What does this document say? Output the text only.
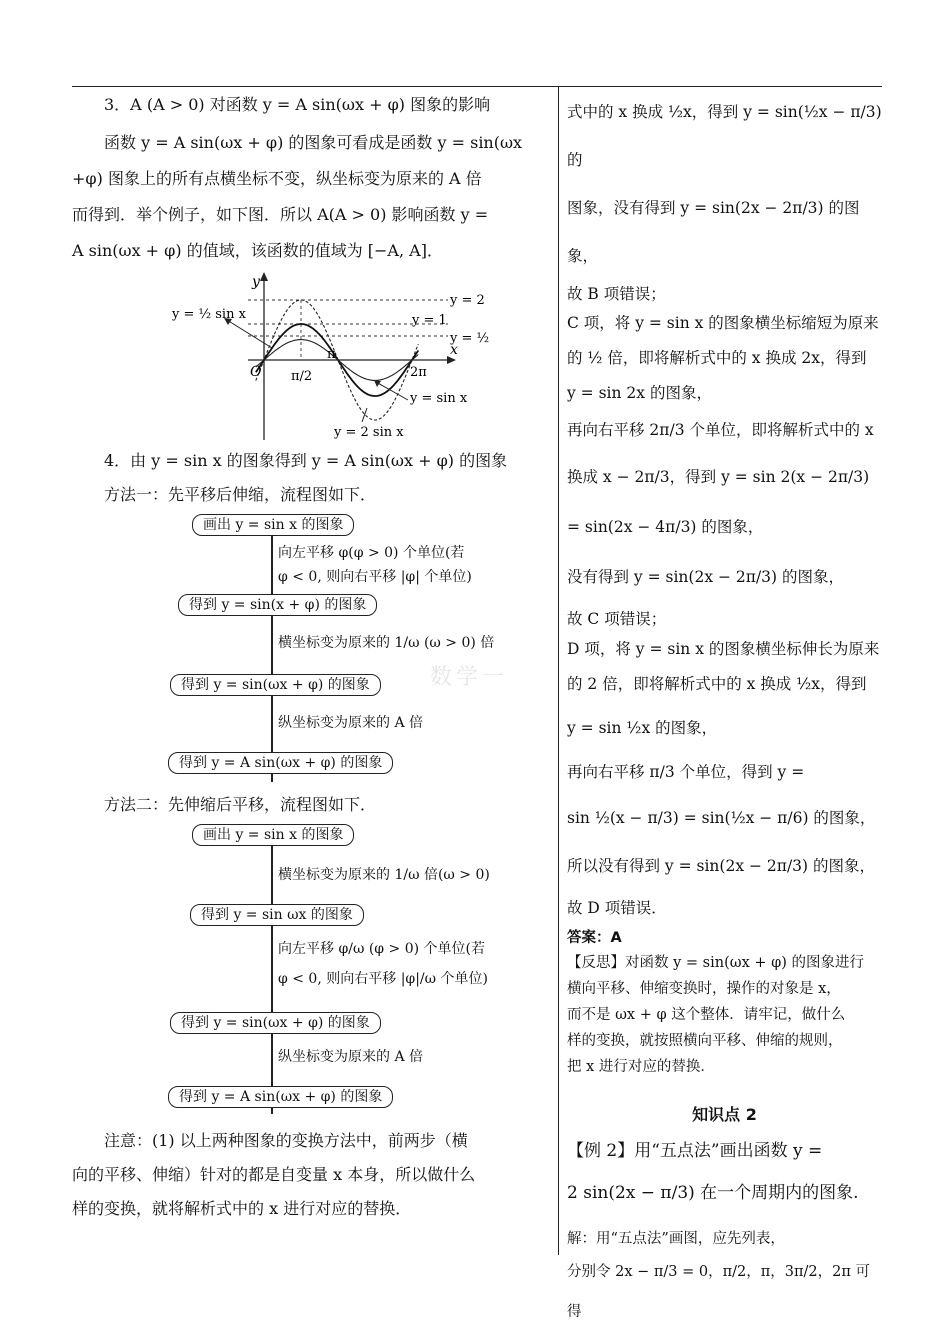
数学一

3．A (A > 0) 对函数 y = A sin(ωx + φ) 图象的影响

函数 y = A sin(ωx + φ) 的图象可看成是函数 y = sin(ωx

+φ) 图象上的所有点横坐标不变，纵坐标变为原来的 A 倍

而得到．举个例子，如下图．所以 A(A > 0) 影响函数 y =

A sin(ωx + φ) 的值域，该函数的值域为 [−A, A]．

y
x
O
y = ½ sin x
y = 2
y = 1
y = ½
π/2
π
2π
y = sin x
y = 2 sin x

4．由 y = sin x 的图象得到 y = A sin(ωx + φ) 的图象

方法一：先平移后伸缩，流程图如下．

画出 y = sin x 的图象
向左平移 φ(φ > 0) 个单位(若
φ < 0, 则向右平移 |φ| 个单位)
得到 y = sin(x + φ) 的图象
横坐标变为原来的 1/ω (ω > 0) 倍
得到 y = sin(ωx + φ) 的图象
纵坐标变为原来的 A 倍
得到 y = A sin(ωx + φ) 的图象

方法二：先伸缩后平移，流程图如下．

画出 y = sin x 的图象
横坐标变为原来的 1/ω 倍(ω > 0)
得到 y = sin ωx 的图象
向左平移 φ/ω (φ > 0) 个单位(若
φ < 0, 则向右平移 |φ|/ω 个单位)
得到 y = sin(ωx + φ) 的图象
纵坐标变为原来的 A 倍
得到 y = A sin(ωx + φ) 的图象

注意：(1) 以上两种图象的变换方法中，前两步（横

向的平移、伸缩）针对的都是自变量 x 本身，所以做什么

样的变换，就将解析式中的 x 进行对应的替换．

式中的 x 换成 ½x，得到 y = sin(½x − π/3) 的

图象，没有得到 y = sin(2x − 2π/3) 的图象，

故 B 项错误；

C 项，将 y = sin x 的图象横坐标缩短为原来

的 ½ 倍，即将解析式中的 x 换成 2x，得到

y = sin 2x 的图象，

再向右平移 2π/3 个单位，即将解析式中的 x

换成 x − 2π/3，得到 y = sin 2(x − 2π/3)

= sin(2x − 4π/3) 的图象，

没有得到 y = sin(2x − 2π/3) 的图象，

故 C 项错误；

D 项，将 y = sin x 的图象横坐标伸长为原来

的 2 倍，即将解析式中的 x 换成 ½x，得到

y = sin ½x 的图象，

再向右平移 π/3 个单位，得到 y =

sin ½(x − π/3) = sin(½x − π/6) 的图象，

所以没有得到 y = sin(2x − 2π/3) 的图象，

故 D 项错误．

答案：A

【反思】对函数 y = sin(ωx + φ) 的图象进行

横向平移、伸缩变换时，操作的对象是 x，

而不是 ωx + φ 这个整体．请牢记，做什么

样的变换，就按照横向平移、伸缩的规则，

把 x 进行对应的替换．

知识点 2

【例 2】用“五点法”画出函数 y =

2 sin(2x − π/3) 在一个周期内的图象.

解：用“五点法”画图，应先列表，

分别令 2x − π/3 = 0，π/2，π，3π/2，2π 可得
